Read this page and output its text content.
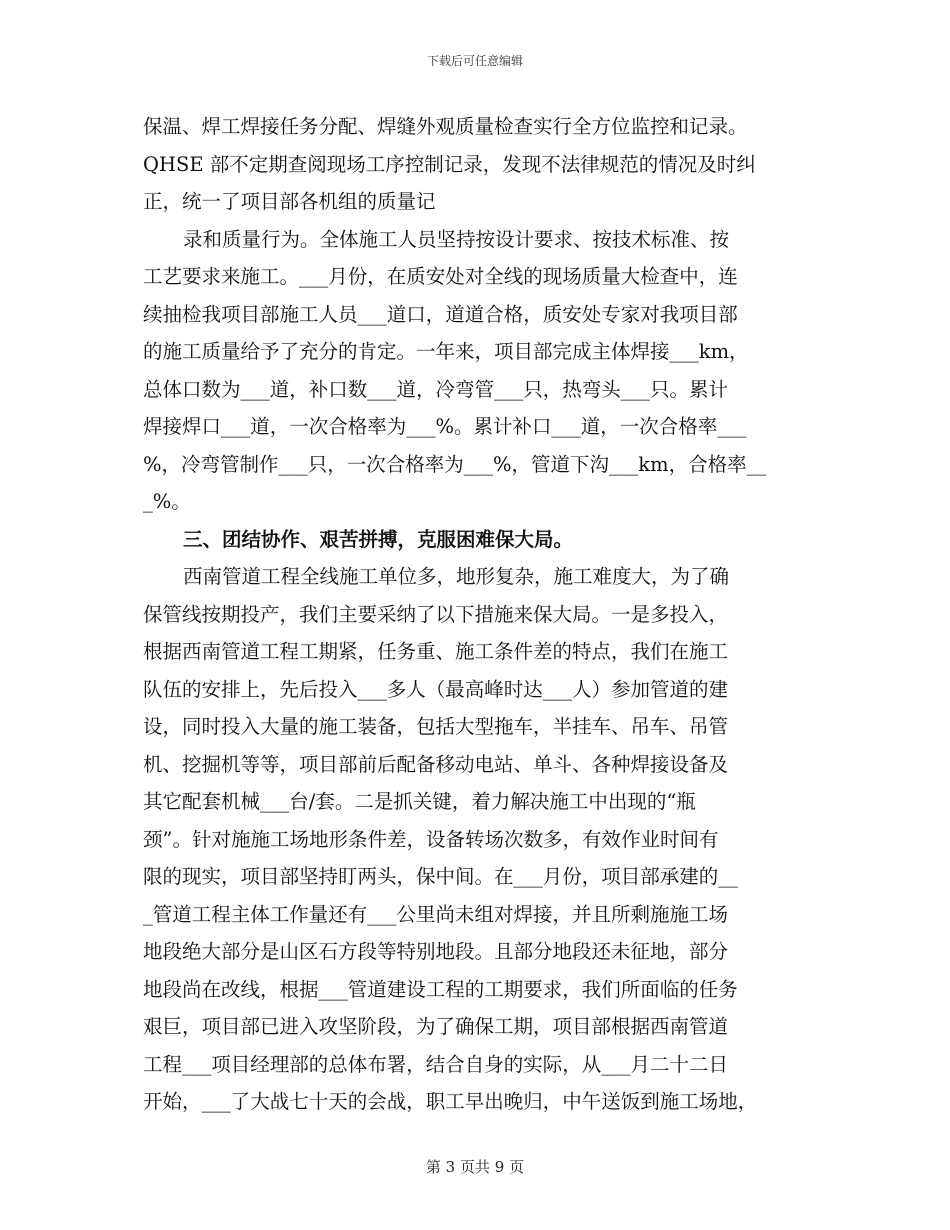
下载后可任意编辑
保温、焊工焊接任务分配、焊缝外观质量检查实行全方位监控和记录。
QHSE 部不定期查阅现场工序控制记录，发现不法律规范的情况及时纠
正，统一了项目部各机组的质量记
录和质量行为。全体施工人员坚持按设计要求、按技术标准、按
工艺要求来施工。___月份，在质安处对全线的现场质量大检查中，连
续抽检我项目部施工人员___道口，道道合格，质安处专家对我项目部
的施工质量给予了充分的肯定。一年来，项目部完成主体焊接___km，
总体口数为___道，补口数___道，冷弯管___只，热弯头___只。累计
焊接焊口___道，一次合格率为___%。累计补口___道，一次合格率___
%，冷弯管制作___只，一次合格率为___%，管道下沟___km，合格率__
_%。
三、团结协作、艰苦拼搏，克服困难保大局。
西南管道工程全线施工单位多，地形复杂，施工难度大，为了确
保管线按期投产，我们主要采纳了以下措施来保大局。一是多投入，
根据西南管道工程工期紧，任务重、施工条件差的特点，我们在施工
队伍的安排上，先后投入___多人（最高峰时达___人）参加管道的建
设，同时投入大量的施工装备，包括大型拖车，半挂车、吊车、吊管
机、挖掘机等等，项目部前后配备移动电站、单斗、各种焊接设备及
其它配套机械___台/套。二是抓关键，着力解决施工中出现的“瓶
颈”。针对施施工场地形条件差，设备转场次数多，有效作业时间有
限的现实，项目部坚持盯两头，保中间。在___月份，项目部承建的__
_管道工程主体工作量还有___公里尚未组对焊接，并且所剩施施工场
地段绝大部分是山区石方段等特别地段。且部分地段还未征地，部分
地段尚在改线，根据___管道建设工程的工期要求，我们所面临的任务
艰巨，项目部已进入攻坚阶段，为了确保工期，项目部根据西南管道
工程___项目经理部的总体布署，结合自身的实际，从___月二十二日
开始，___了大战七十天的会战，职工早出晚归，中午送饭到施工场地，
第 3 页共 9 页
